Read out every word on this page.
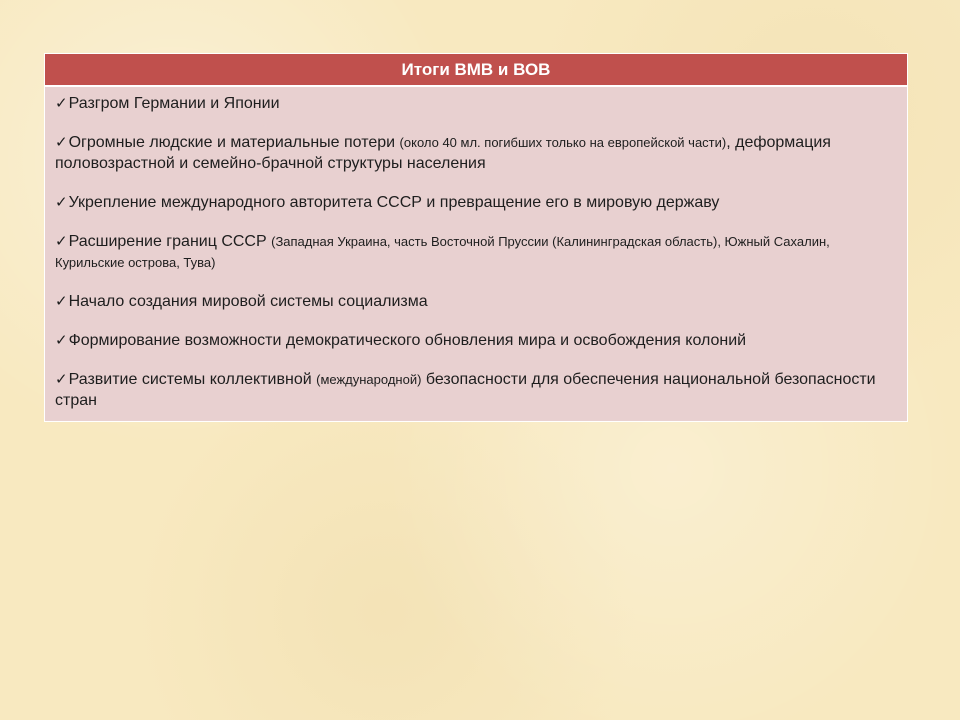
Итоги ВМВ и ВОВ
✓Разгром Германии и Японии
✓Огромные людские и материальные потери (около 40 мл. погибших только на европейской части), деформация половозрастной и семейно-брачной структуры населения
✓Укрепление международного авторитета СССР и превращение его в мировую державу
✓Расширение границ СССР (Западная Украина, часть Восточной Пруссии (Калининградская область), Южный Сахалин, Курильские острова, Тува)
✓Начало создания мировой системы социализма
✓Формирование возможности демократического обновления мира и освобождения колоний
✓Развитие системы коллективной (международной) безопасности для обеспечения национальной безопасности стран
